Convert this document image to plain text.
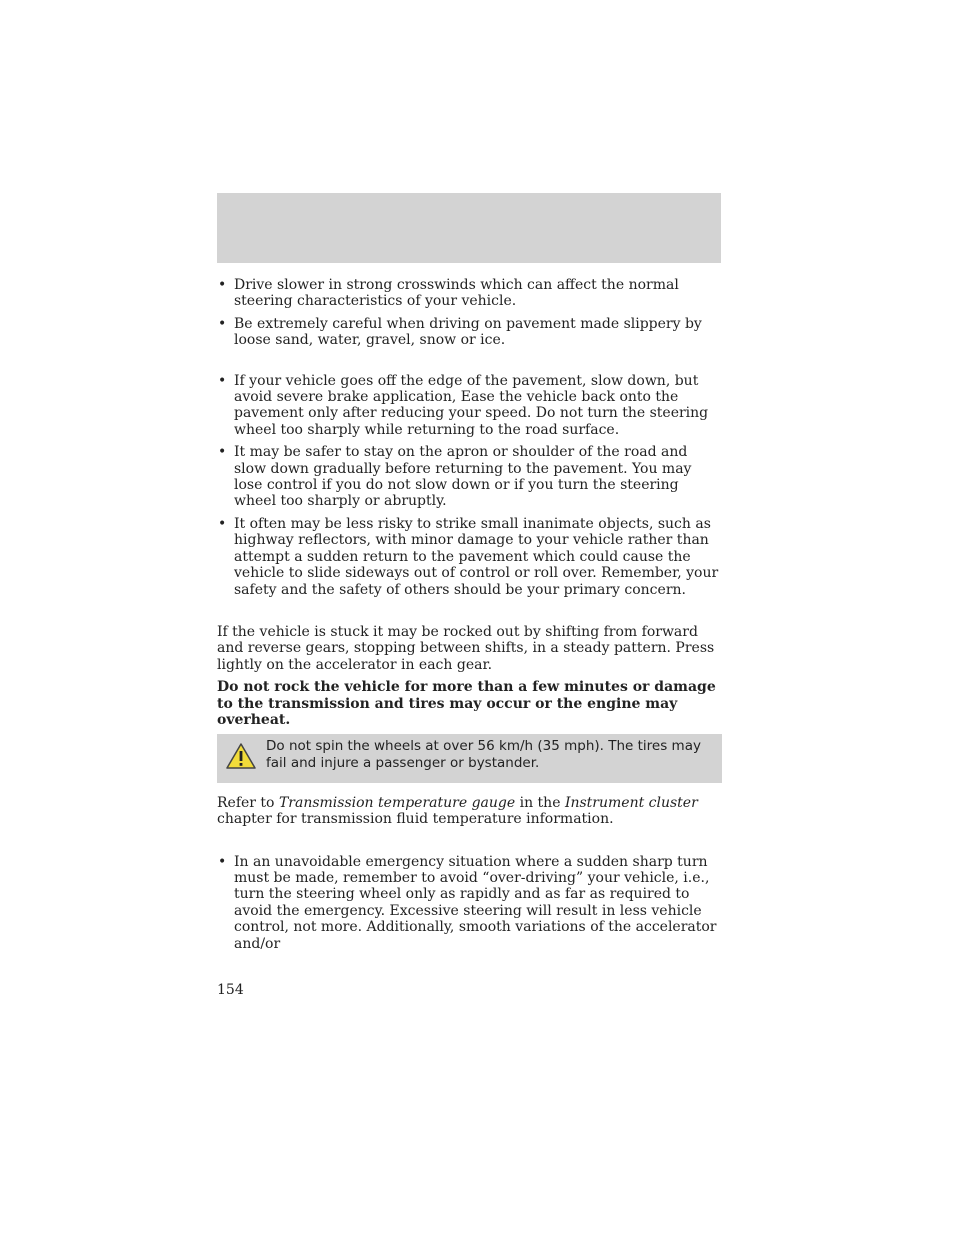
• Drive slower in strong crosswinds which can affect the normal steering characteristics of your vehicle.
• Be extremely careful when driving on pavement made slippery by loose sand, water, gravel, snow or ice.
• If your vehicle goes off the edge of the pavement, slow down, but avoid severe brake application, Ease the vehicle back onto the pavement only after reducing your speed. Do not turn the steering wheel too sharply while returning to the road surface.
• It may be safer to stay on the apron or shoulder of the road and slow down gradually before returning to the pavement. You may lose control if you do not slow down or if you turn the steering wheel too sharply or abruptly.
• It often may be less risky to strike small inanimate objects, such as highway reflectors, with minor damage to your vehicle rather than attempt a sudden return to the pavement which could cause the vehicle to slide sideways out of control or roll over. Remember, your safety and the safety of others should be your primary concern.

If the vehicle is stuck it may be rocked out by shifting from forward and reverse gears, stopping between shifts, in a steady pattern. Press lightly on the accelerator in each gear.

Do not rock the vehicle for more than a few minutes or damage to the transmission and tires may occur or the engine may overheat.

Do not spin the wheels at over 56 km/h (35 mph). The tires may fail and injure a passenger or bystander.

Refer to Transmission temperature gauge in the Instrument cluster chapter for transmission fluid temperature information.

• In an unavoidable emergency situation where a sudden sharp turn must be made, remember to avoid “over-driving” your vehicle, i.e., turn the steering wheel only as rapidly and as far as required to avoid the emergency. Excessive steering will result in less vehicle control, not more. Additionally, smooth variations of the accelerator and/or
154
